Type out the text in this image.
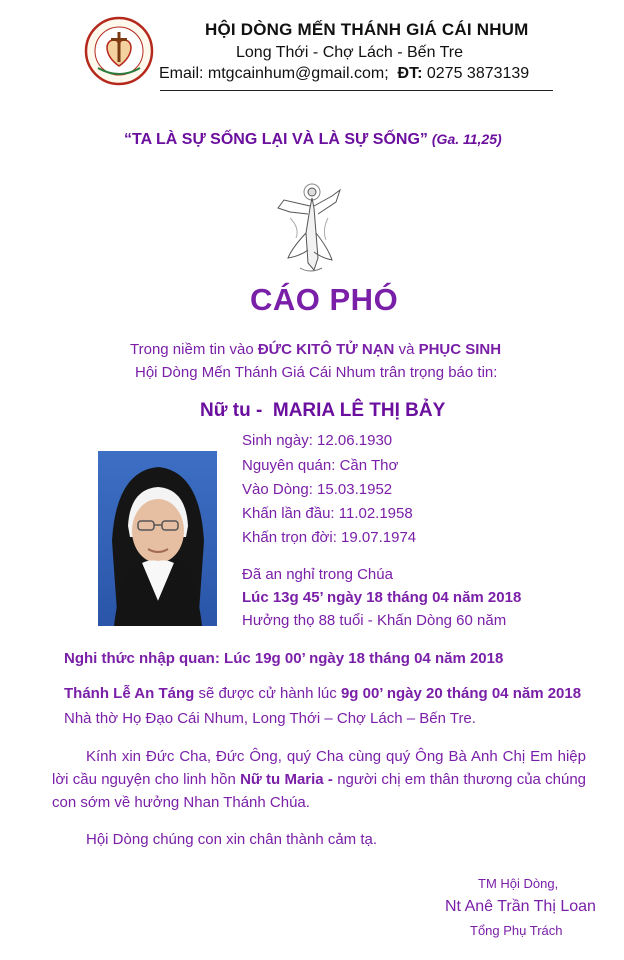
HỘI DÒNG MẾN THÁNH GIÁ CÁI NHUM
Long Thới - Chợ Lách - Bến Tre
Email: mtgcainhum@gmail.com; ĐT: 0275 3873139
“TA LÀ SỰ SỐNG LẠI VÀ LÀ SỰ SỐNG” (Ga. 11,25)
CÁO PHÓ
Trong niềm tin vào ĐỨC KITÔ TỬ NẠN và PHỤC SINH
Hội Dòng Mến Thánh Giá Cái Nhum trân trọng báo tin:
Nữ tu - MARIA LÊ THỊ BẢY
Sinh ngày: 12.06.1930
Nguyên quán: Cần Thơ
Vào Dòng: 15.03.1952
Khấn lần đầu: 11.02.1958
Khấn trọn đời: 19.07.1974
Đã an nghỉ trong Chúa
Lúc 13g 45’ ngày 18 tháng 04 năm 2018
Hưởng thọ 88 tuổi - Khấn Dòng 60 năm
Nghi thức nhập quan: Lúc 19g 00’ ngày 18 tháng 04 năm 2018
Thánh Lễ An Táng sẽ được cử hành lúc 9g 00’ ngày 20 tháng 04 năm 2018
Nhà thờ Họ Đạo Cái Nhum, Long Thới – Chợ Lách – Bến Tre.
Kính xin Đức Cha, Đức Ông, quý Cha cùng quý Ông Bà Anh Chị Em hiệp lời cầu nguyện cho linh hồn Nữ tu Maria - người chị em thân thương của chúng con sớm về hưởng Nhan Thánh Chúa.
Hội Dòng chúng con xin chân thành cảm tạ.
TM Hội Dòng,
Nt Anê Trần Thị Loan
Tổng Phụ Trách
